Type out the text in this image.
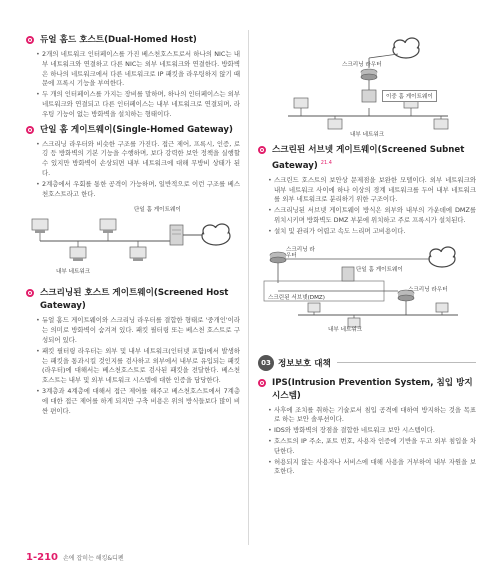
듀얼 홈드 호스트(Dual-Homed Host)
• 2개의 네트워크 인터페이스를 가진 베스천호스트로서 하나의 NIC는 내부 네트워크와 연결하고 다른 NIC는 외부 네트워크와 연결한다. 방화벽은 하나의 네트워크에서 다른 네트워크로 IP 패킷을 라우팅하지 않기 때문에 프록시 기능을 부여한다.
• 두 개의 인터페이스를 가지는 장비를 말하며, 하나의 인터페이스는 외부 네트워크와 연결되고 다른 인터페이스는 내부 네트워크로 연결되며, 라우팅 기능이 없는 방화벽을 설치하는 형태이다.
단일 홈 게이트웨이(Single-Homed Gateway)
• 스크리닝 라우터와 비슷한 구조를 가진다. 접근 제어, 프록시, 인증, 로깅 등 방화벽의 기본 기능을 수행하며, 보다 강력한 보안 정책을 실행할 수 있지만 방화벽이 손상되면 내부 네트워크에 대해 무방비 상태가 된다.
• 2계층에서 우회를 통한 공격이 가능하며, 일반적으로 이런 구조를 베스천호스트라고 한다.
단일 홈 게이트웨이
내부 네트워크
스크리닝된 호스트 게이트웨이(Screened Host Gateway)
• 듀얼 홈드 게이트웨이와 스크리닝 라우터를 결합한 형태로 '중개인'이라는 의미로 방화벽이 숨겨져 있다. 패킷 필터링 또는 베스천 호스트로 구성되어 있다.
• 패킷 필터링 라우터는 외부 및 내부 네트워크(인터넷 포함)에서 발생하는 패킷을 통과시킬 것인지를 검사하고 외부에서 내부로 유입되는 패킷(라우터)에 대해서는 베스천호스트로 검사된 패킷을 전달한다. 베스천호스트는 내부 및 외부 네트워크 시스템에 대한 인증을 담당한다.
• 3계층과 4계층에 대해서 접근 제어를 해주고 베스천호스트에서 7계층에 대한 접근 제어를 하게 되지만 구축 비용은 위의 방식들보다 많이 비싼 편이다.
스크리닝 라우터
이중 홈 게이트웨이
내부 네트워크
스크린된 서브넷 게이트웨이(Screened Subnet Gateway) $^{21.4}$
• 스크린드 호스트의 보안상 문제점을 보완한 모델이다. 외부 네트워크와 내부 네트워크 사이에 하나 이상의 경계 네트워크를 두어 내부 네트워크를 외부 네트워크로 분리하기 위한 구조이다.
• 스크리닝된 서브넷 게이트웨이 방식은 외부와 내부의 가운데에 DMZ를 위치시키며 방화벽도 DMZ 부분에 위치하고 주로 프록시가 설치된다.
• 설치 및 관리가 어렵고 속도 느리며 고비용이다.
스크리닝 라우터
단일 홈 게이트웨이
스크린된 서브넷(DMZ)
스크리닝 라우터
내부 네트워크
03 정보보호 대책
IPS(Intrusion Prevention System, 침입 방지 시스템)
• 사후에 조치를 취하는 기술로서 침입 공격에 대하여 방지하는 것을 목표로 하는 보안 솔루션이다.
• IDS와 방화벽의 장점을 결합한 네트워크 보안 시스템이다.
• 호스트의 IP 주소, 포트 번호, 사용자 인증에 기반을 두고 외부 침입을 차단한다.
• 허용되지 않는 사용자나 서비스에 대해 사용을 거부하여 내부 자원을 보호한다.
1-210 손에 잡히는 해킹&디펜
